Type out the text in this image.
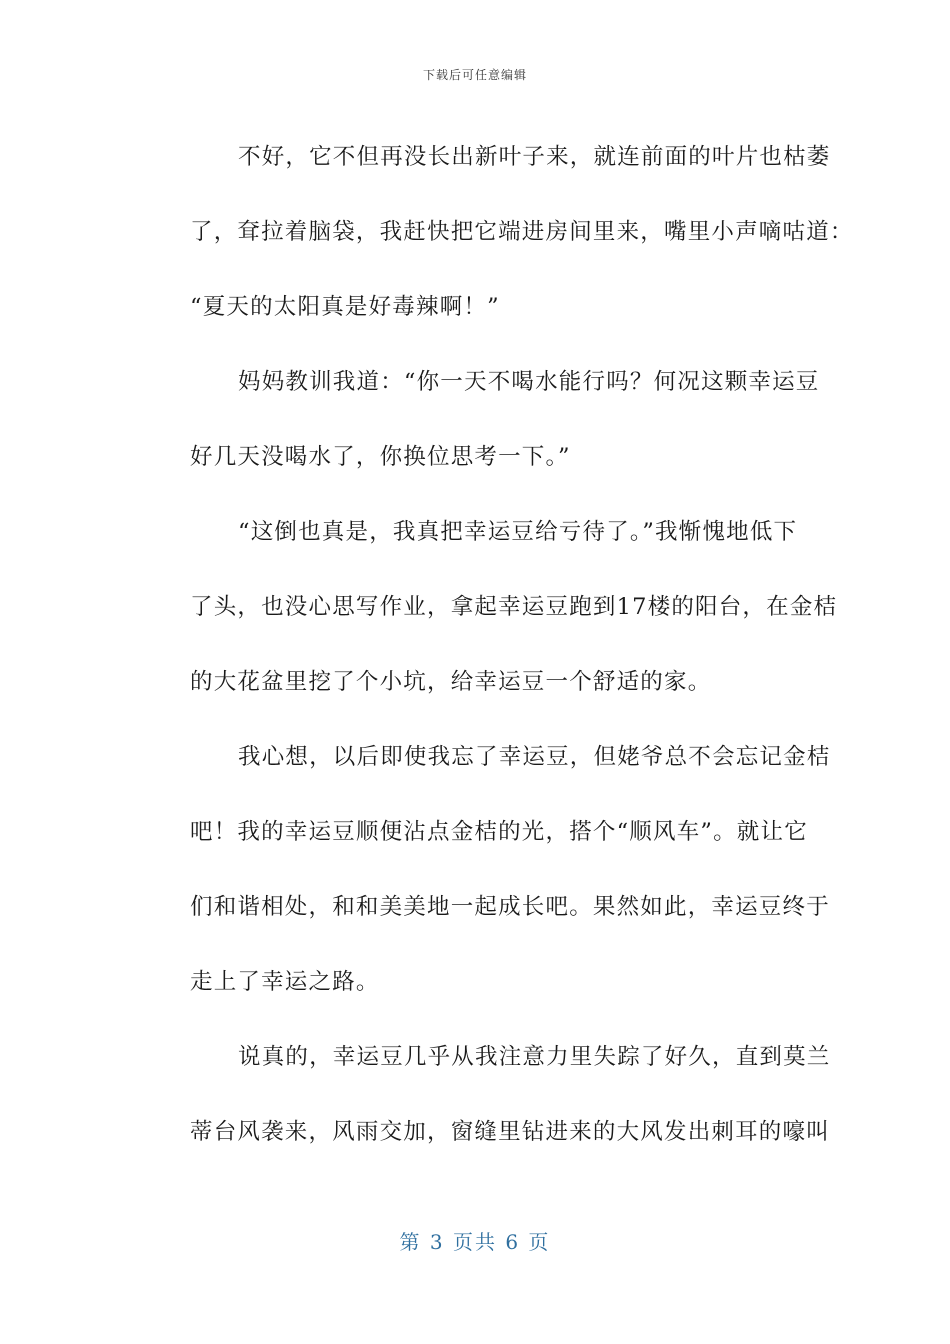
下载后可任意编辑

不好，它不但再没长出新叶子来，就连前面的叶片也枯萎
了，耷拉着脑袋，我赶快把它端进房间里来，嘴里小声嘀咕道：
“夏天的太阳真是好毒辣啊！”

妈妈教训我道：“你一天不喝水能行吗？何况这颗幸运豆
好几天没喝水了，你换位思考一下。”

“这倒也真是，我真把幸运豆给亏待了。”我惭愧地低下
了头，也没心思写作业，拿起幸运豆跑到17楼的阳台，在金桔
的大花盆里挖了个小坑，给幸运豆一个舒适的家。

我心想，以后即使我忘了幸运豆，但姥爷总不会忘记金桔
吧！我的幸运豆顺便沾点金桔的光，搭个“顺风车”。就让它
们和谐相处，和和美美地一起成长吧。果然如此，幸运豆终于
走上了幸运之路。

说真的，幸运豆几乎从我注意力里失踪了好久，直到莫兰
蒂台风袭来，风雨交加，窗缝里钻进来的大风发出刺耳的嚎叫

第 3 页共 6 页
